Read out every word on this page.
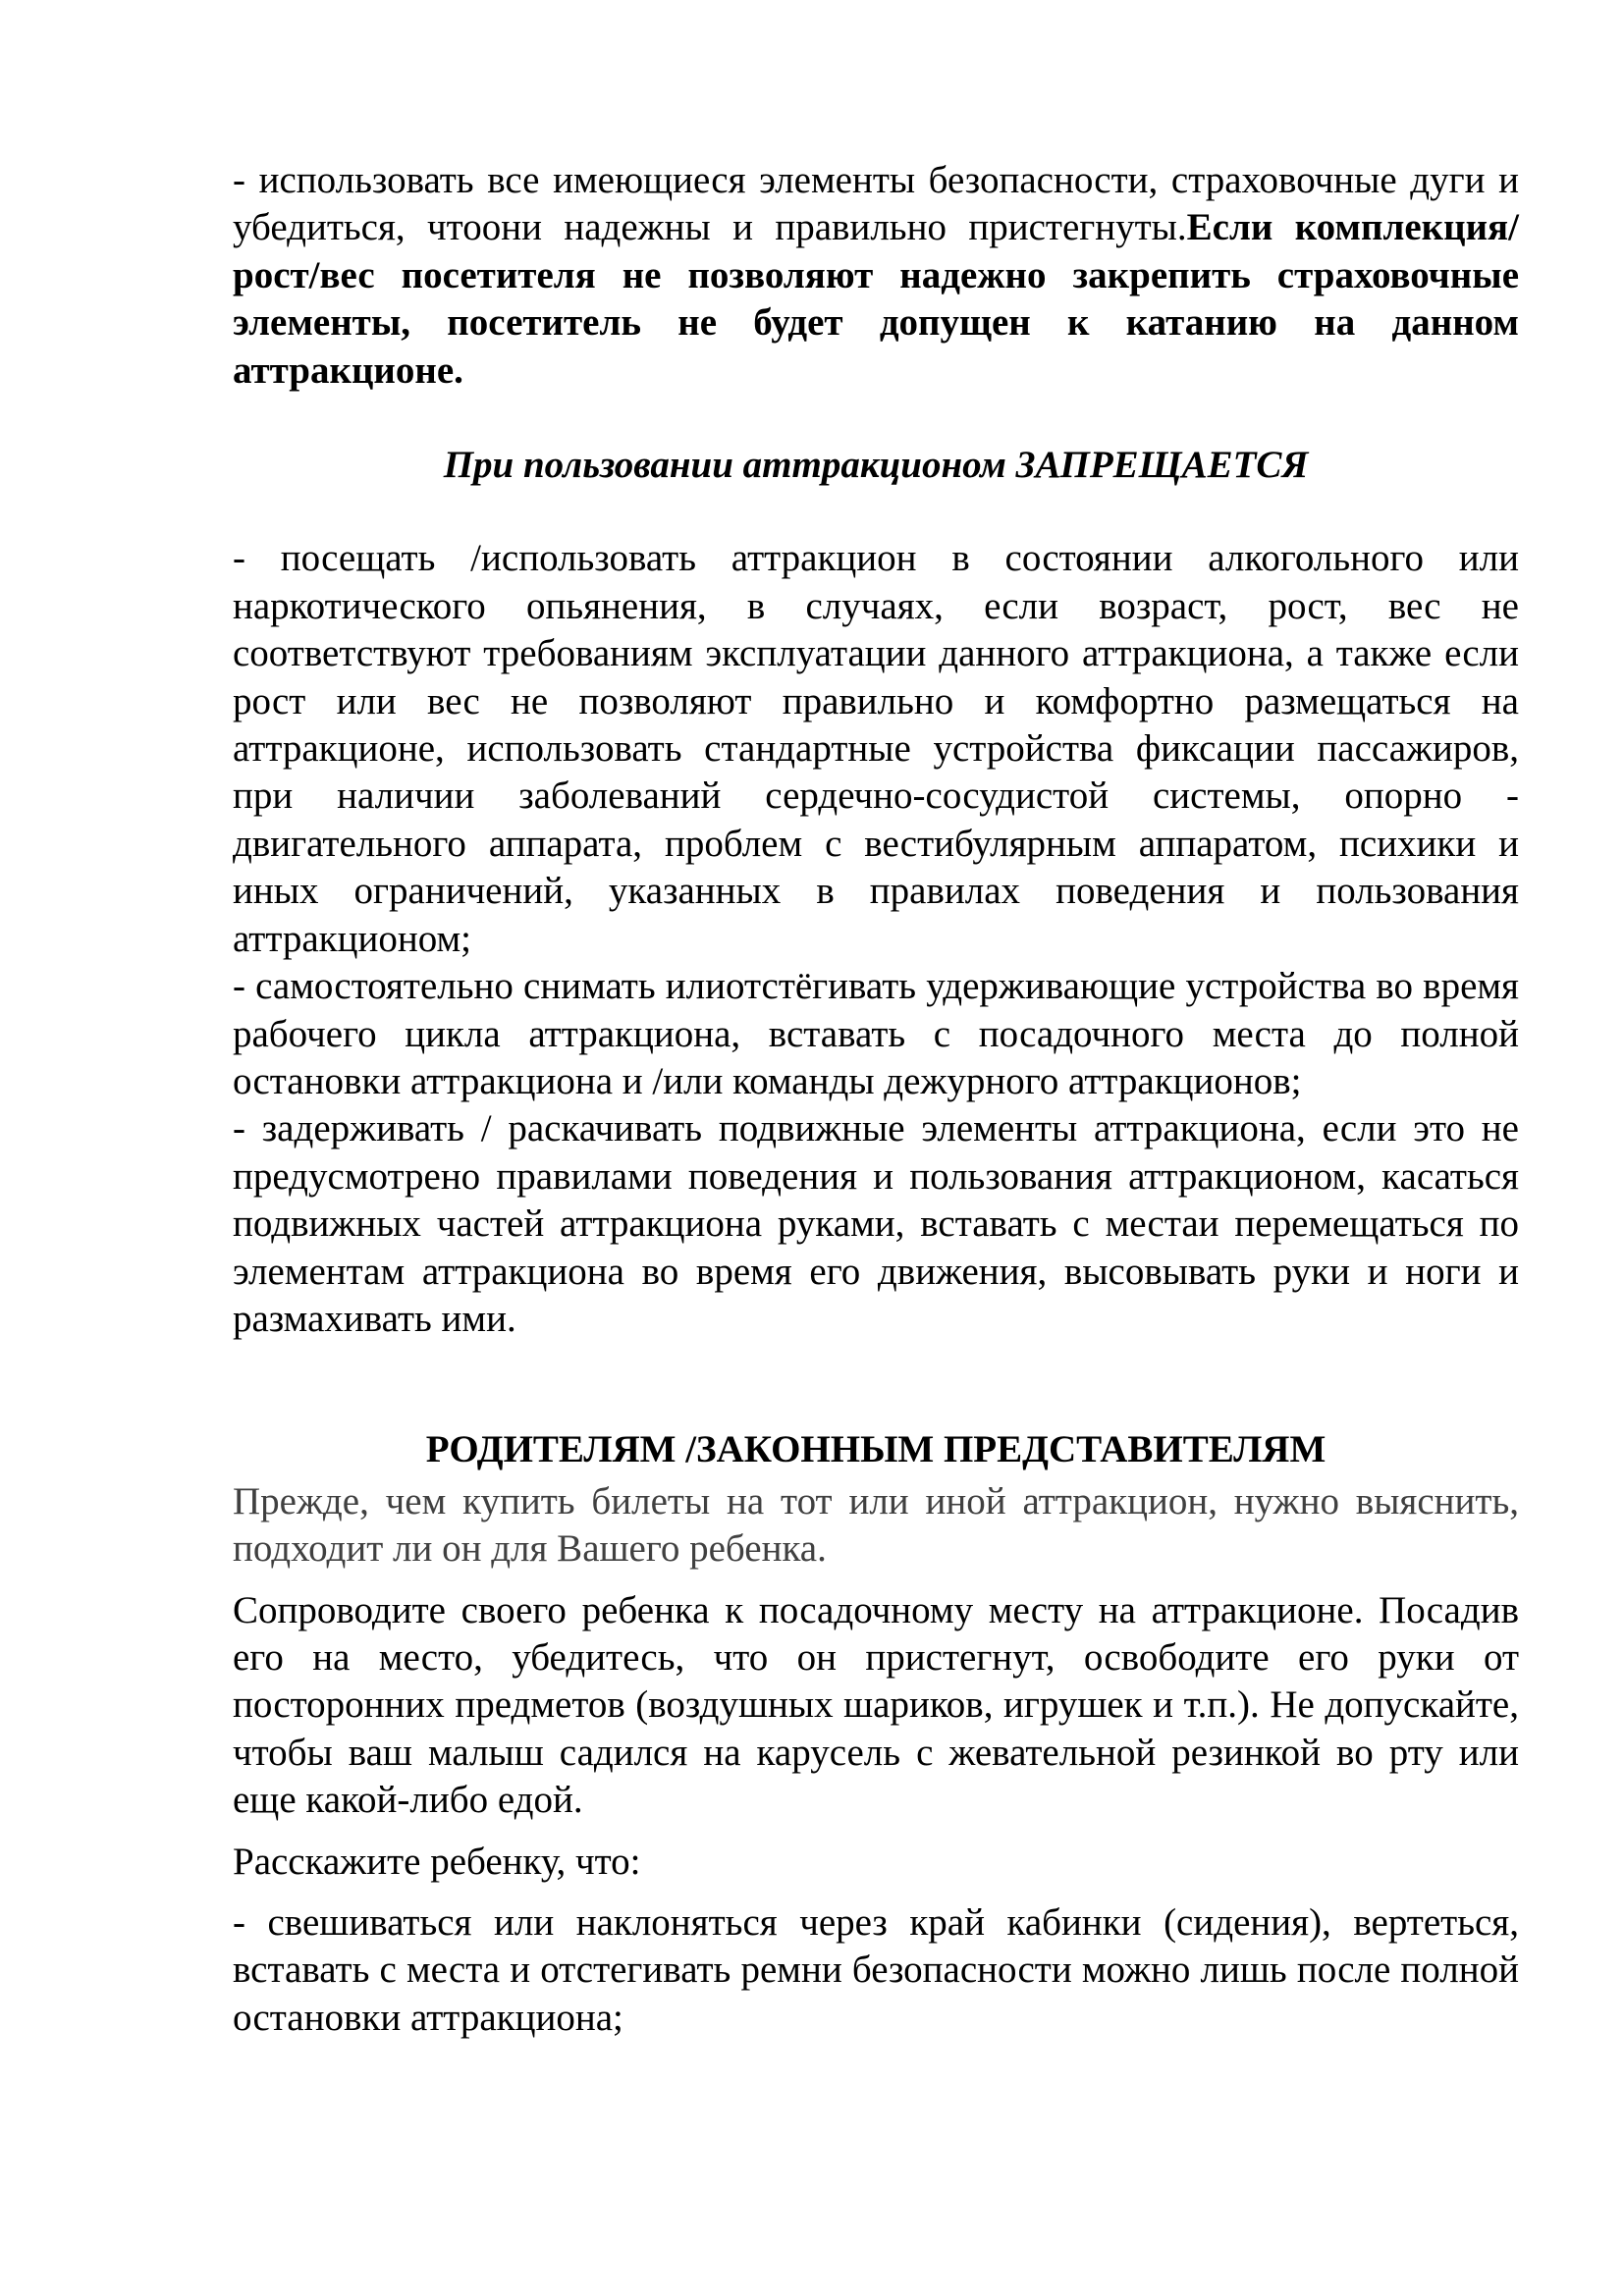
- использовать все имеющиеся элементы безопасности, страховочные дуги и убедиться, чтоони надежны и правильно пристегнуты.Если комплекция/рост/вес посетителя не позволяют надежно закрепить страховочные элементы, посетитель не будет допущен к катанию на данном аттракционе.

При пользовании аттракционом ЗАПРЕЩАЕТСЯ

- посещать /использовать аттракцион в состоянии алкогольного или наркотического опьянения, в случаях, если возраст, рост, вес не соответствуют требованиям эксплуатации данного аттракциона, а также если рост или вес не позволяют правильно и комфортно размещаться на аттракционе, использовать стандартные устройства фиксации пассажиров, при наличии заболеваний сердечно-сосудистой системы, опорно - двигательного аппарата, проблем с вестибулярным аппаратом, психики и иных ограничений, указанных в правилах поведения и пользования аттракционом;

- самостоятельно снимать илиотстёгивать удерживающие устройства во время рабочего цикла аттракциона, вставать с посадочного места до полной остановки аттракциона и /или команды дежурного аттракционов;

- задерживать / раскачивать подвижные элементы аттракциона, если это не предусмотрено правилами поведения и пользования аттракционом, касаться подвижных частей аттракциона руками, вставать с местаи перемещаться по элементам аттракциона во время его движения, высовывать руки и ноги и размахивать ими.

РОДИТЕЛЯМ /ЗАКОННЫМ ПРЕДСТАВИТЕЛЯМ

Прежде, чем купить билеты на тот или иной аттракцион, нужно выяснить, подходит ли он для Вашего ребенка.

Сопроводите своего ребенка к посадочному месту на аттракционе. Посадив его на место, убедитесь, что он пристегнут, освободите его руки от посторонних предметов (воздушных шариков, игрушек и т.п.). Не допускайте, чтобы ваш малыш садился на карусель с жевательной резинкой во рту или еще какой-либо едой.

Расскажите ребенку, что:

- свешиваться или наклоняться через край кабинки (сидения), вертеться, вставать с места и отстегивать ремни безопасности можно лишь после полной остановки аттракциона;
